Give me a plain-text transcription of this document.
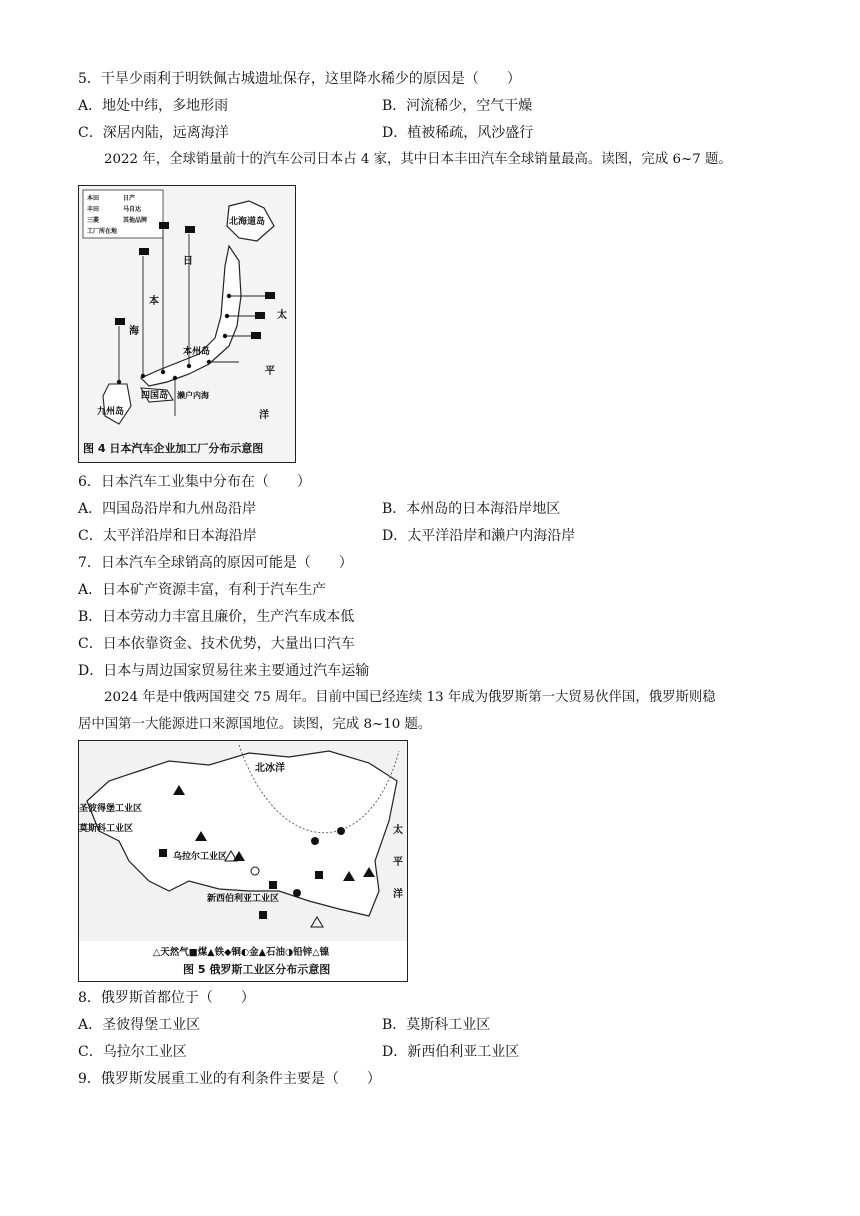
5．干旱少雨利于明铁佩古城遗址保存，这里降水稀少的原因是（　　）
A．地处中纬，多地形雨	B．河流稀少，空气干燥
C．深居内陆，远离海洋	D．植被稀疏，风沙盛行
2022 年，全球销量前十的汽车公司日本占 4 家，其中日本丰田汽车全球销量最高。读图，完成 6~7 题。
本田	日产
丰田	马自达
三菱	其他品牌
工厂所在地
北海道岛
本州岛
四国岛
九州岛
濑户内海
日
本
海
太
平
洋
图 4 日本汽车企业加工厂分布示意图
6．日本汽车工业集中分布在（　　）
A．四国岛沿岸和九州岛沿岸	B．本州岛的日本海沿岸地区
C．太平洋沿岸和日本海沿岸	D．太平洋沿岸和濑户内海沿岸
7．日本汽车全球销高的原因可能是（　　）
A．日本矿产资源丰富，有利于汽车生产
B．日本劳动力丰富且廉价，生产汽车成本低
C．日本依靠资金、技术优势，大量出口汽车
D．日本与周边国家贸易往来主要通过汽车运输
2024 年是中俄两国建交 75 周年。目前中国已经连续 13 年成为俄罗斯第一大贸易伙伴国，俄罗斯则稳
居中国第一大能源进口来源国地位。读图，完成 8~10 题。
北冰洋
圣彼得堡工业区
莫斯科工业区
乌拉尔工业区
新西伯利亚工业区
太
平
洋
△天然气■煤▲铁◆铜◐金▲石油◑铅锌△镍
图 5 俄罗斯工业区分布示意图
8．俄罗斯首都位于（　　）
A．圣彼得堡工业区	B．莫斯科工业区
C．乌拉尔工业区	D．新西伯利亚工业区
9．俄罗斯发展重工业的有利条件主要是（　　）
